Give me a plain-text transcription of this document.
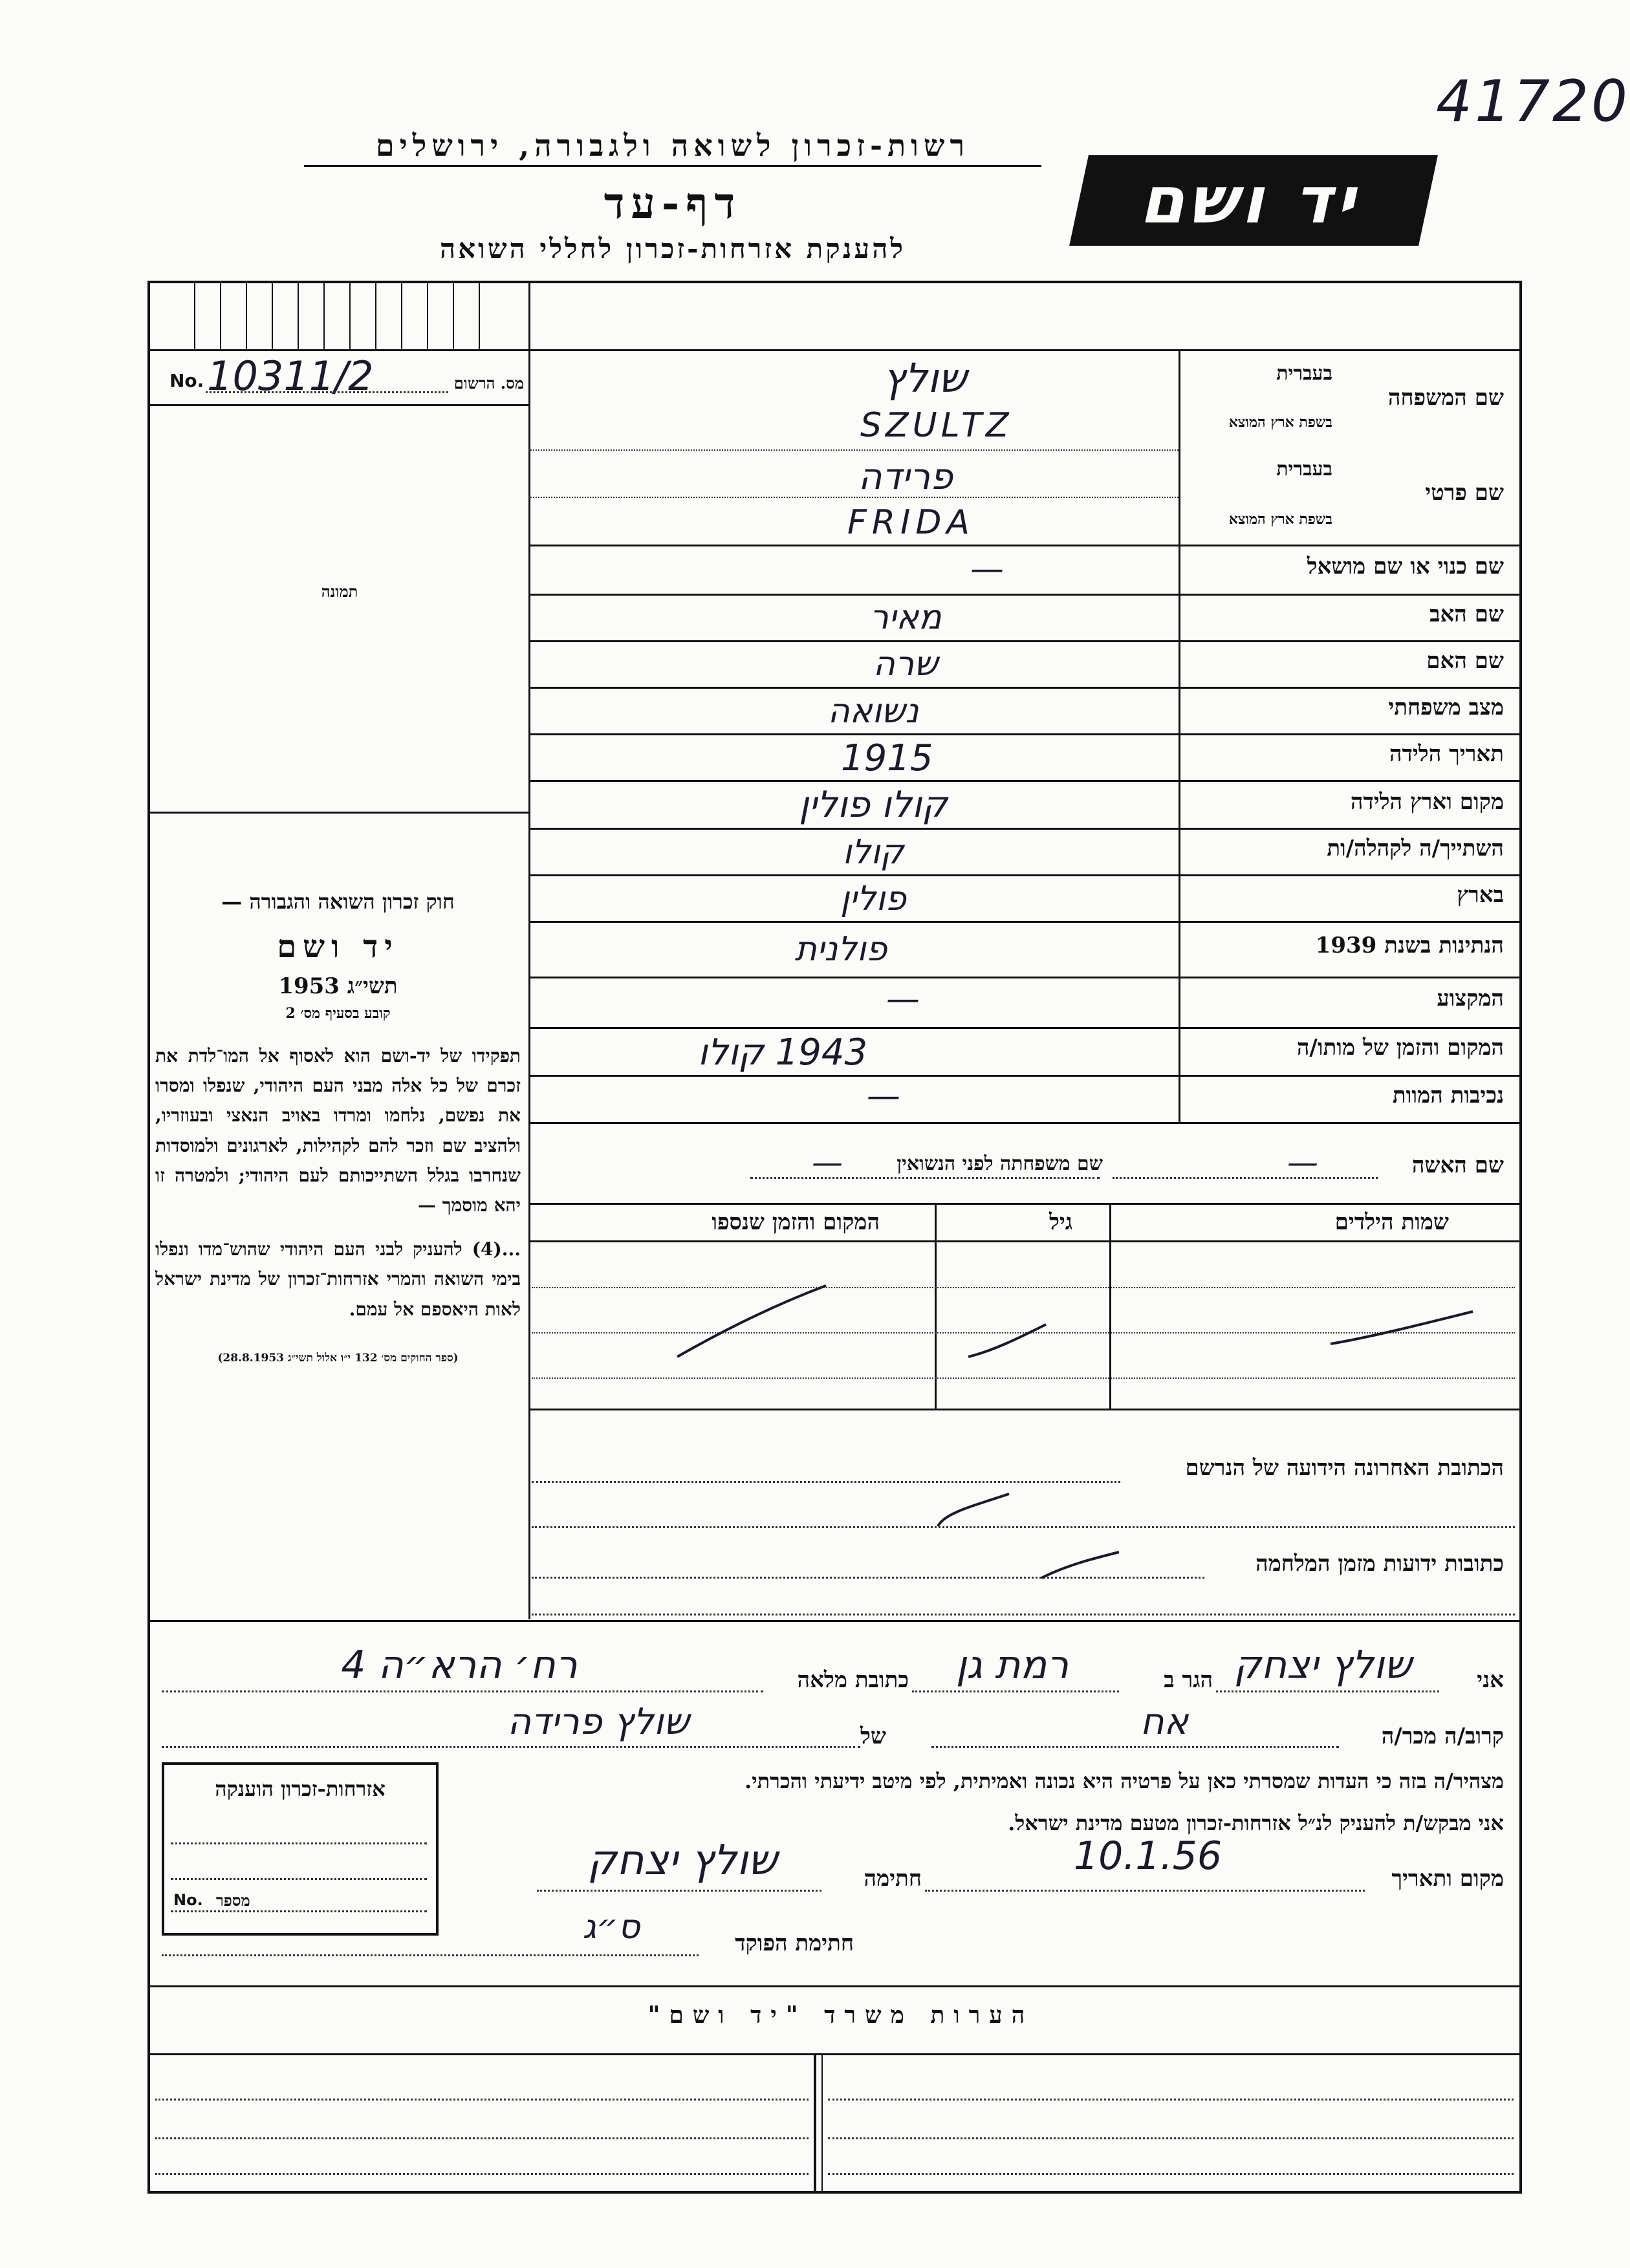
41720
רשות-זכרון לשואה ולגבורה, ירושלים
דף-עד
להענקת אזרחות-זכרון לחללי השואה
יד ושם
מס. הרשום
No. 10311/2
תמונה

חוק זכרון השואה והגבורה —

יד ושם

תשי״ג 1953

קובע בסעיף מס׳ 2

תפקידו של יד-ושם הוא לאסוף אל המו־לדת את זכרם של כל אלה מבני העם היהודי, שנפלו ומסרו את נפשם, נלחמו ומרדו באויב הנאצי ובעוזריו, ולהציב שם וזכר להם לקהילות, לארגונים ולמוסדות שנחרבו בגלל השתייכותם לעם היהודי; ולמטרה זו יהא מוסמך —

...(4) להעניק לבני העם היהודי שהוש־מדו ונפלו בימי השואה והמרי אזרחות־זכרון של מדינת ישראל לאות היאספם אל עמם.

(ספר החוקים מס׳ 132 י״ו אלול תשי״ג 28.8.1953)

שם המשפחה
בעברית
בשפת ארץ המוצא
שולץ
SZULTZ
שם פרטי
בעברית
בשפת ארץ המוצא
פרידה
FRIDA
שם כנוי או שם מושאל
—
שם האב
מאיר
שם האם
שרה
מצב משפחתי
נשואה
תאריך הלידה
1915
מקום וארץ הלידה
קולו פולין
השתייך/ה לקהלה/ות
קולו
בארץ
פולין
הנתינות בשנת 1939
פולנית
המקצוע
—
המקום והזמן של מותו/ה
1943 קולו
נכיבות המוות
—
שם האשה
—
שם משפחתה לפני הנשואין
—
שמות הילדים
גיל
המקום והזמן שנספו
הכתובת האחרונה הידועה של הנרשם
כתובות ידועות מזמן המלחמה
אני
שולץ יצחק
הגר ב
רמת גן
כתובת מלאה
רח׳ הרא״ה 4
קרוב/ה מכר/ה
אח
של
שולץ פרידה
מצהיר/ה בזה כי העדות שמסרתי כאן על פרטיה היא נכונה ואמיתית, לפי מיטב ידיעתי והכרתי.
אני מבקש/ת להעניק לנ״ל אזרחות-זכרון מטעם מדינת ישראל.
מקום ותאריך
10.1.56
חתימה
שולץ יצחק
חתימת הפוקד
ס״ג
אזרחות-זכרון הוענקה
No. מספר
הערות משרד "יד ושם"
